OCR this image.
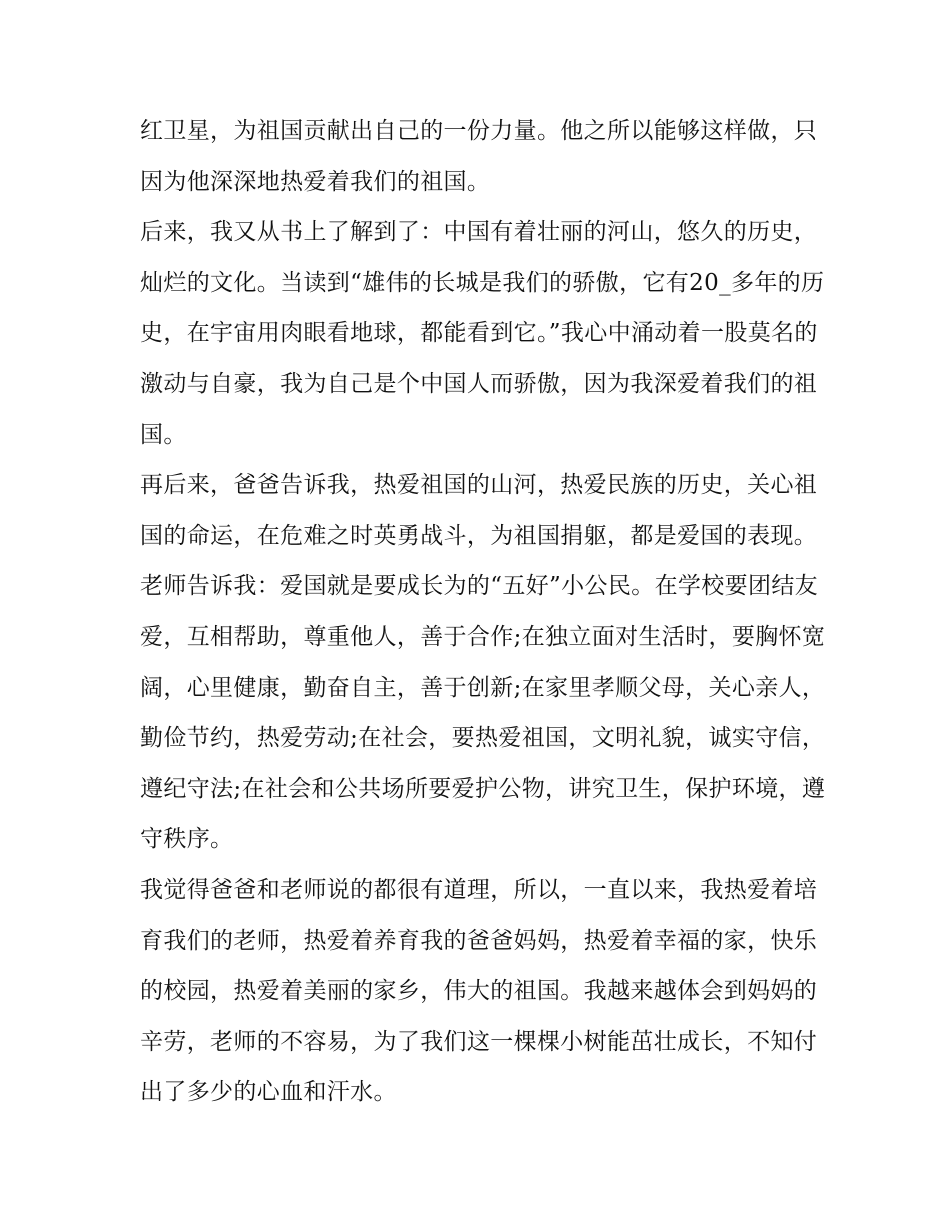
红卫星，为祖国贡献出自己的一份力量。他之所以能够这样做，只因为他深深地热爱着我们的祖国。

后来，我又从书上了解到了：中国有着壮丽的河山，悠久的历史，灿烂的文化。当读到“雄伟的长城是我们的骄傲，它有20_多年的历史，在宇宙用肉眼看地球，都能看到它。”我心中涌动着一股莫名的激动与自豪，我为自己是个中国人而骄傲，因为我深爱着我们的祖国。

再后来，爸爸告诉我，热爱祖国的山河，热爱民族的历史，关心祖国的命运，在危难之时英勇战斗，为祖国捐躯，都是爱国的表现。老师告诉我：爱国就是要成长为的“五好”小公民。在学校要团结友爱，互相帮助，尊重他人，善于合作;在独立面对生活时，要胸怀宽阔，心里健康，勤奋自主，善于创新;在家里孝顺父母，关心亲人，勤俭节约，热爱劳动;在社会，要热爱祖国，文明礼貌，诚实守信，遵纪守法;在社会和公共场所要爱护公物，讲究卫生，保护环境，遵守秩序。

我觉得爸爸和老师说的都很有道理，所以，一直以来，我热爱着培育我们的老师，热爱着养育我的爸爸妈妈，热爱着幸福的家，快乐的校园，热爱着美丽的家乡，伟大的祖国。我越来越体会到妈妈的辛劳，老师的不容易，为了我们这一棵棵小树能茁壮成长，不知付出了多少的心血和汗水。
